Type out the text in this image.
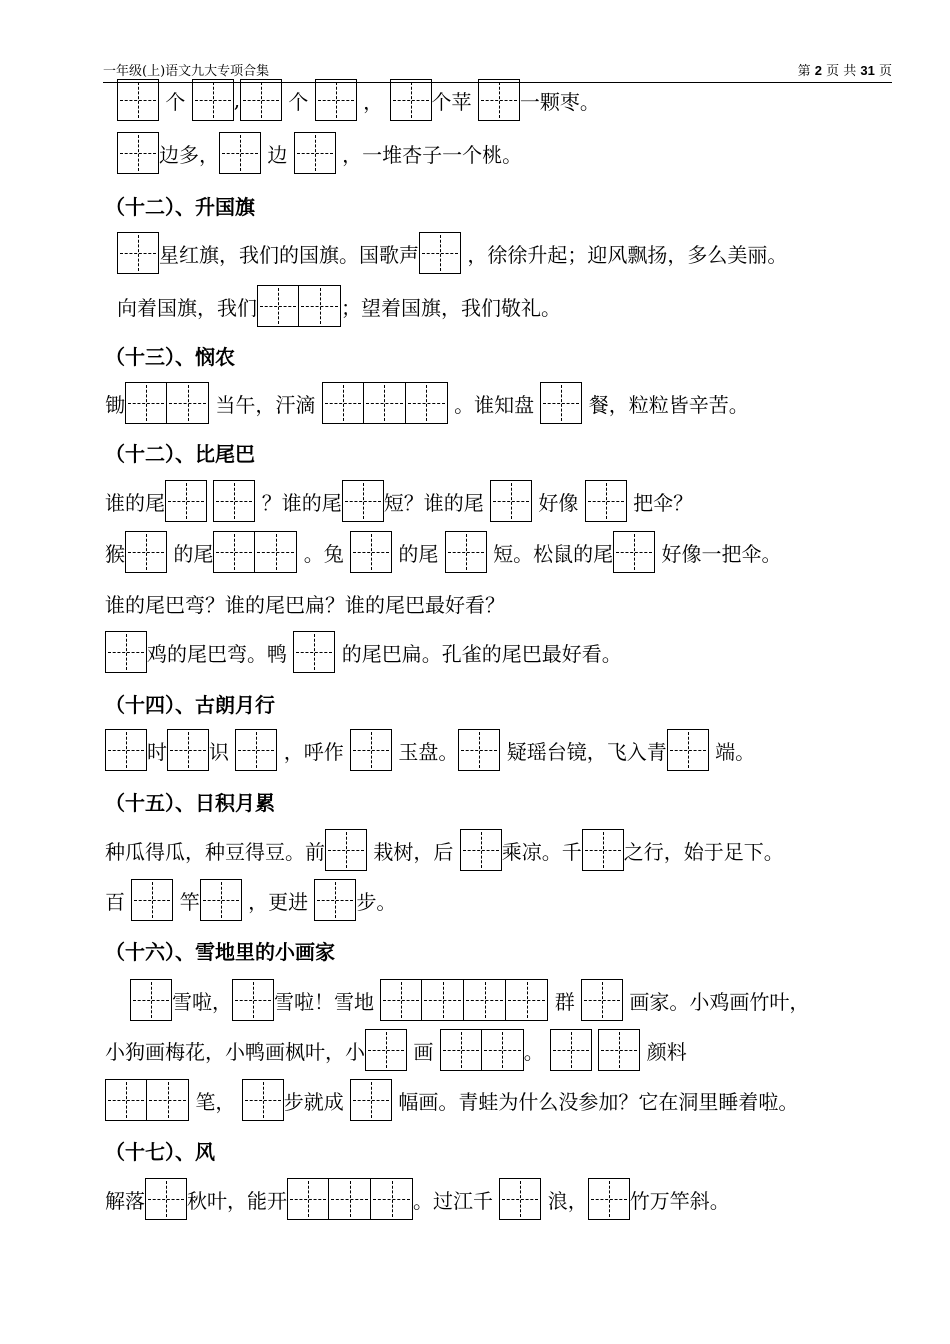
一年级(上)语文九大专项合集	第 2 页 共 31 页
个 , 个 ， 个苹 一颗枣。
边多， 边 ，一堆杏子一个桃。
（十二）、升国旗
星红旗，我们的国旗。国歌声 ，徐徐升起；迎风飘扬，多么美丽。
向着国旗，我们	；望着国旗，我们敬礼。
（十三）、悯农
锄	当午，汗滴	。谁知盘 餐，粒粒皆辛苦。
（十二）、比尾巴
谁的尾
	？谁的尾 短？谁的尾 好像 把伞？
猴 的尾	。兔 的尾 短。松鼠的尾 好像一把伞。
谁的尾巴弯？谁的尾巴扁？谁的尾巴最好看？
鸡的尾巴弯。鸭 的尾巴扁。孔雀的尾巴最好看。
（十四）、古朗月行
时 识 ，呼作 玉盘。 疑瑶台镜，飞入青 端。
（十五）、日积月累
种瓜得瓜，种豆得豆。前 栽树，后 乘凉。千 之行，始于足下。
百 竿 ，更进 步。
（十六）、雪地里的小画家
雪啦， 雪啦！雪地	群 画家。小鸡画竹叶，
小狗画梅花，小鸭画枫叶，小 画	。
	颜料
笔， 步就成 幅画。青蛙为什么没参加？它在洞里睡着啦。
（十七）、风
解落 秋叶，能开	。过江千 浪， 竹万竿斜。
